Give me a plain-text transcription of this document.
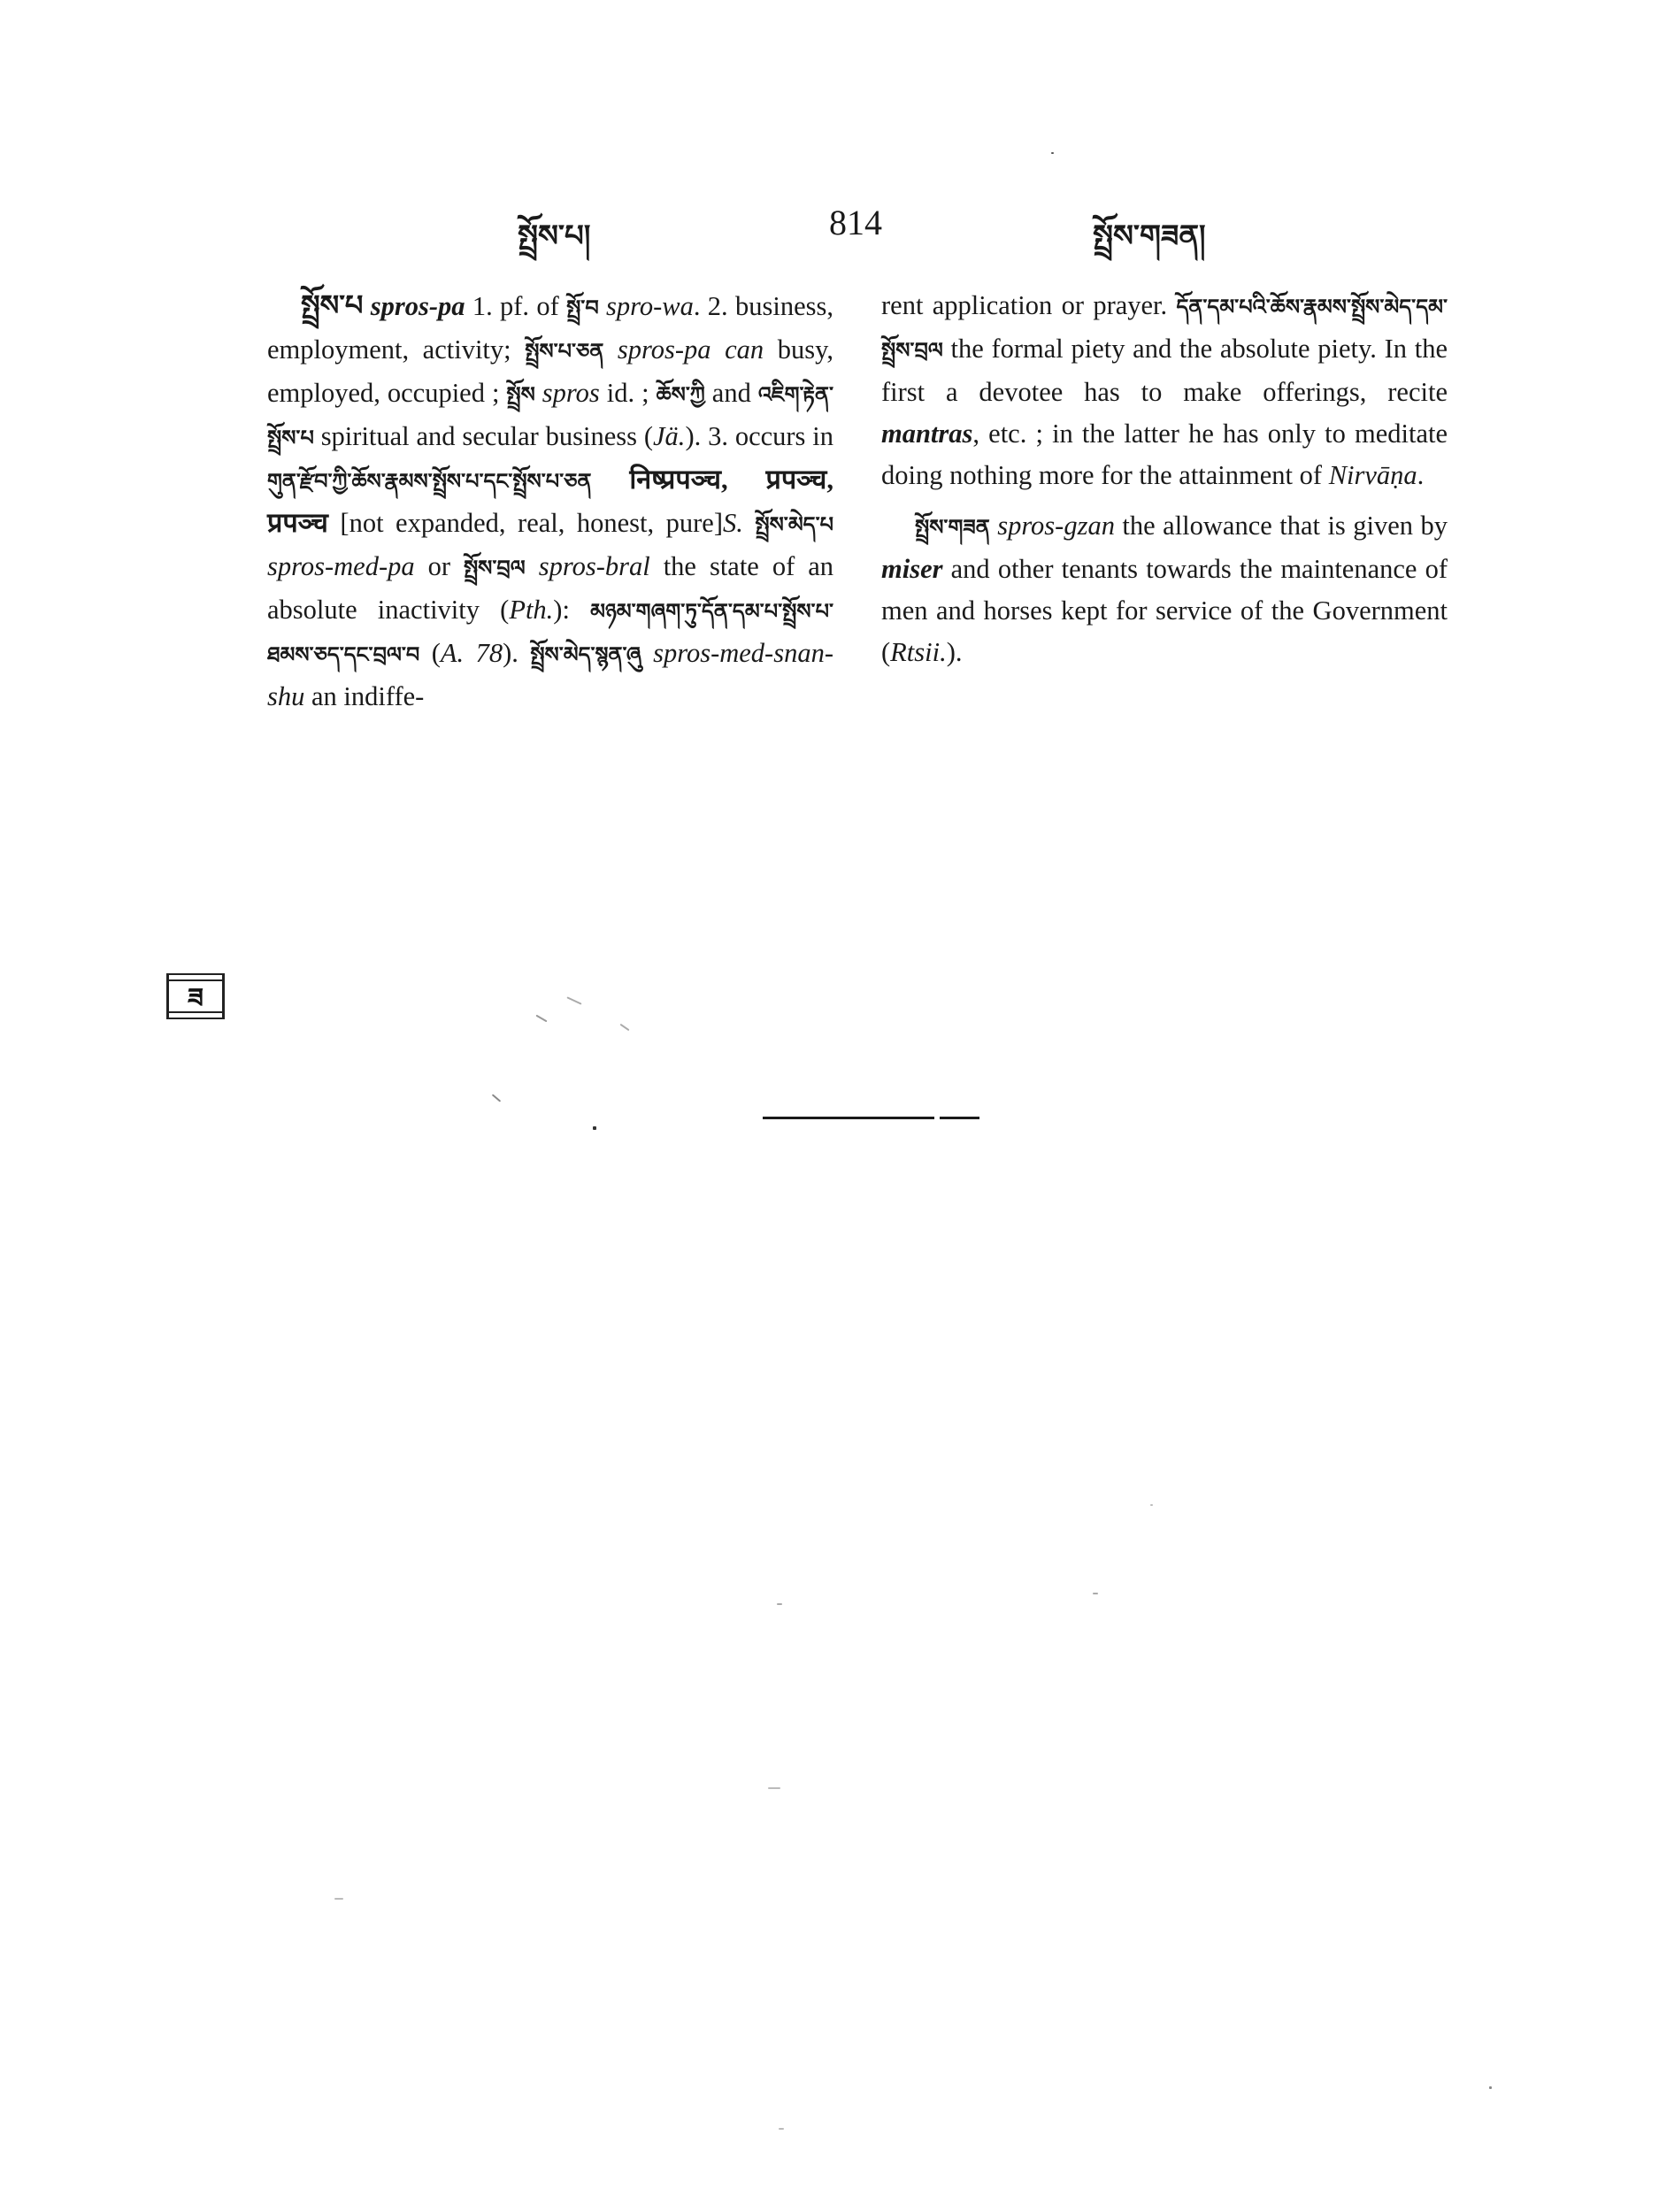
སྤྲོས་པ།	814	སྤྲོས་གཟན།

སྤྲོས་པ spros-pa 1. pf. of སྤྲོ་བ spro-wa. 2. business, employment, activity; སྤྲོས་པ་ཅན spros-pa can busy, employed, occupied ; སྤྲོས spros id. ; ཆོས་ཀྱི and འཇིག་རྟེན་སྤྲོས་པ spiritual and secular business (Jä.). 3. occurs in གུན་རྫོབ་ཀྱི་ཆོས་རྣམས་སྤྲོས་པ་དང་སྤྲོས་པ་ཅན निष्प्रपञ्च, प्रपञ्च, प्रपञ्च [not expanded, real, honest, pure]S. སྤྲོས་མེད་པ spros-med-pa or སྤྲོས་བྲལ spros-bral the state of an absolute inactivity (Pth.): མཉམ་གཞག་ཏུ་དོན་དམ་པ་སྤྲོས་པ་ཐམས་ཅད་དང་བྲལ་བ (A. 78). སྤྲོས་མེད་སྙན་ཞུ spros-med-snan-shu an indiffe-

rent application or prayer. དོན་དམ་པའི་ཆོས་རྣམས་སྤྲོས་མེད་དམ་སྤྲོས་བྲལ the formal piety and the absolute piety. In the first a devotee has to make offerings, recite mantras, etc. ; in the latter he has only to meditate doing nothing more for the attainment of Nirvāṇa.

སྤྲོས་གཟན spros-gzan the allowance that is given by miser and other tenants towards the maintenance of men and horses kept for service of the Government (Rtsii.).

ཟ
